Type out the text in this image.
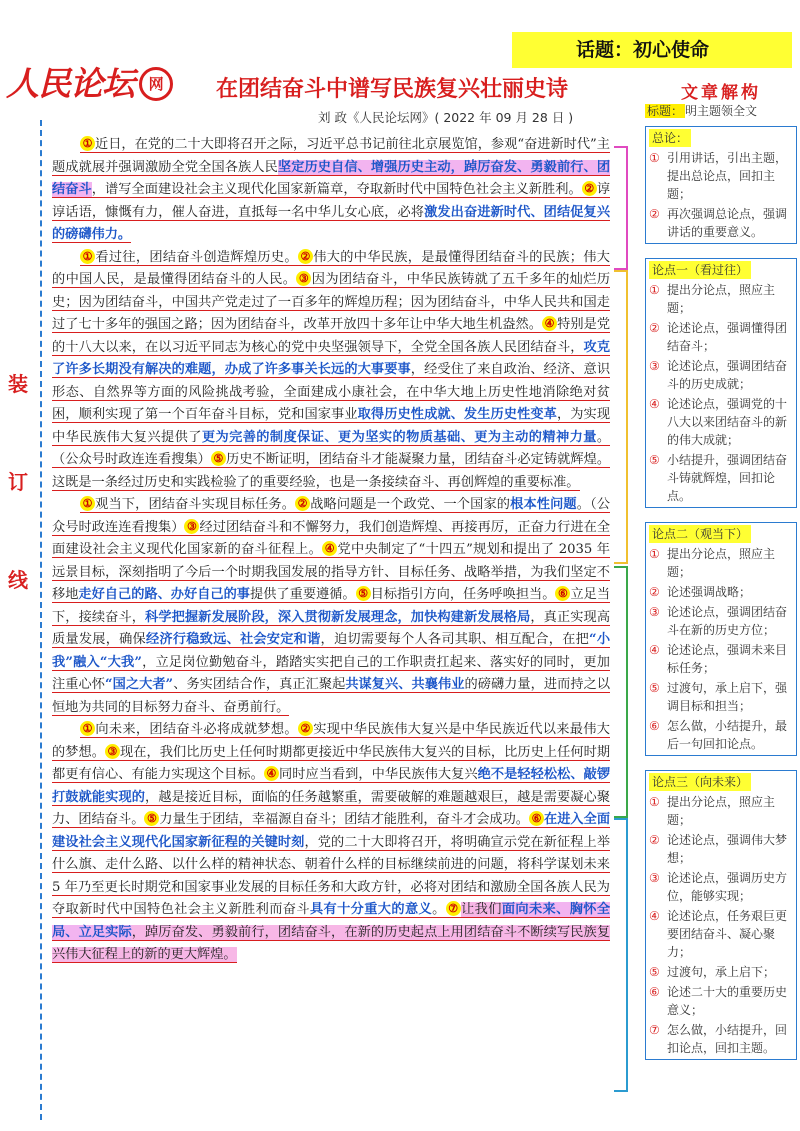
话题：初心使命
人民论坛 网	在团结奋斗中谱写民族复兴壮丽史诗
刘 政《人民论坛网》( 2022 年 09 月 28 日 )
装
订
线

① 近日，在党的二十大即将召开之际，习近平总书记前往北京展览馆，参观“奋进新时代”主题成就展并强调激励全党全国各族人民坚定历史自信、增强历史主动，踔厉奋发、勇毅前行、团结奋斗，谱写全面建设社会主义现代化国家新篇章，夺取新时代中国特色社会主义新胜利。 ② 谆谆话语，慷慨有力，催人奋进，直抵每一名中华儿女心底，必将激发出奋进新时代、团结促复兴的磅礴伟力。

① 看过往，团结奋斗创造辉煌历史。 ② 伟大的中华民族，是最懂得团结奋斗的民族；伟大的中国人民，是最懂得团结奋斗的人民。 ③ 因为团结奋斗，中华民族铸就了五千多年的灿烂历史；因为团结奋斗，中国共产党走过了一百多年的辉煌历程；因为团结奋斗，中华人民共和国走过了七十多年的强国之路；因为团结奋斗，改革开放四十多年让中华大地生机盎然。 ④ 特别是党的十八大以来，在以习近平同志为核心的党中央坚强领导下，全党全国各族人民团结奋斗，攻克了许多长期没有解决的难题，办成了许多事关长远的大事要事，经受住了来自政治、经济、意识形态、自然界等方面的风险挑战考验，全面建成小康社会，在中华大地上历史性地消除绝对贫困，顺利实现了第一个百年奋斗目标，党和国家事业取得历史性成就、发生历史性变革，为实现中华民族伟大复兴提供了更为完善的制度保证、更为坚实的物质基础、更为主动的精神力量。（公众号时政连连看搜集） ⑤ 历史不断证明，团结奋斗才能凝聚力量，团结奋斗必定铸就辉煌。这既是一条经过历史和实践检验了的重要经验，也是一条接续奋斗、再创辉煌的重要标准。

① 观当下，团结奋斗实现目标任务。 ② 战略问题是一个政党、一个国家的根本性问题。（公众号时政连连看搜集） ③ 经过团结奋斗和不懈努力，我们创造辉煌、再接再厉，正奋力行进在全面建设社会主义现代化国家新的奋斗征程上。 ④ 党中央制定了“十四五”规划和提出了 2035 年远景目标，深刻指明了今后一个时期我国发展的指导方针、目标任务、战略举措，为我们坚定不移地走好自己的路、办好自己的事提供了重要遵循。 ⑤ 目标指引方向，任务呼唤担当。 ⑥ 立足当下，接续奋斗，科学把握新发展阶段，深入贯彻新发展理念，加快构建新发展格局，真正实现高质量发展，确保经济行稳致远、社会安定和谐，迫切需要每个人各司其职、相互配合，在把“小我”融入“大我”，立足岗位勤勉奋斗，踏踏实实把自己的工作职责扛起来、落实好的同时，更加注重心怀“国之大者”、务实团结合作，真正汇聚起共谋复兴、共襄伟业的磅礴力量，进而持之以恒地为共同的目标努力奋斗、奋勇前行。

① 向未来，团结奋斗必将成就梦想。 ② 实现中华民族伟大复兴是中华民族近代以来最伟大的梦想。 ③ 现在，我们比历史上任何时期都更接近中华民族伟大复兴的目标，比历史上任何时期都更有信心、有能力实现这个目标。 ④ 同时应当看到，中华民族伟大复兴绝不是轻轻松松、敲锣打鼓就能实现的，越是接近目标，面临的任务越繁重，需要破解的难题越艰巨，越是需要凝心聚力、团结奋斗。 ⑤ 力量生于团结，幸福源自奋斗；团结才能胜利，奋斗才会成功。 ⑥ 在进入全面建设社会主义现代化国家新征程的关键时刻，党的二十大即将召开，将明确宣示党在新征程上举什么旗、走什么路、以什么样的精神状态、朝着什么样的目标继续前进的问题，将科学谋划未来 5 年乃至更长时期党和国家事业发展的目标任务和大政方针，必将对团结和激励全国各族人民为夺取新时代中国特色社会主义新胜利而奋斗具有十分重大的意义。 ⑦ 让我们面向未来、胸怀全局、立足实际，踔厉奋发、勇毅前行，团结奋斗，在新的历史起点上用团结奋斗不断续写民族复兴伟大征程上的新的更大辉煌。

文章解构
标题： 明主题领全文
总论：
① 引用讲话，引出主题，提出总论点，回扣主题；
② 再次强调总论点，强调讲话的重要意义。
论点一（看过往）
① 提出分论点，照应主题；
② 论述论点，强调懂得团结奋斗；
③ 论述论点，强调团结奋斗的历史成就；
④ 论述论点，强调党的十八大以来团结奋斗的新的伟大成就；
⑤ 小结提升，强调团结奋斗铸就辉煌，回扣论点。
论点二（观当下）
① 提出分论点，照应主题；
② 论述强调战略；
③ 论述论点，强调团结奋斗在新的历史方位；
④ 论述论点，强调未来目标任务；
⑤ 过渡句，承上启下，强调目标和担当；
⑥ 怎么做，小结提升，最后一句回扣论点。
论点三（向未来）
① 提出分论点，照应主题；
② 论述论点，强调伟大梦想；
③ 论述论点，强调历史方位，能够实现；
④ 论述论点，任务艰巨更要团结奋斗、凝心聚力；
⑤ 过渡句，承上启下；
⑥ 论述二十大的重要历史意义；
⑦ 怎么做，小结提升，回扣论点，回扣主题。
